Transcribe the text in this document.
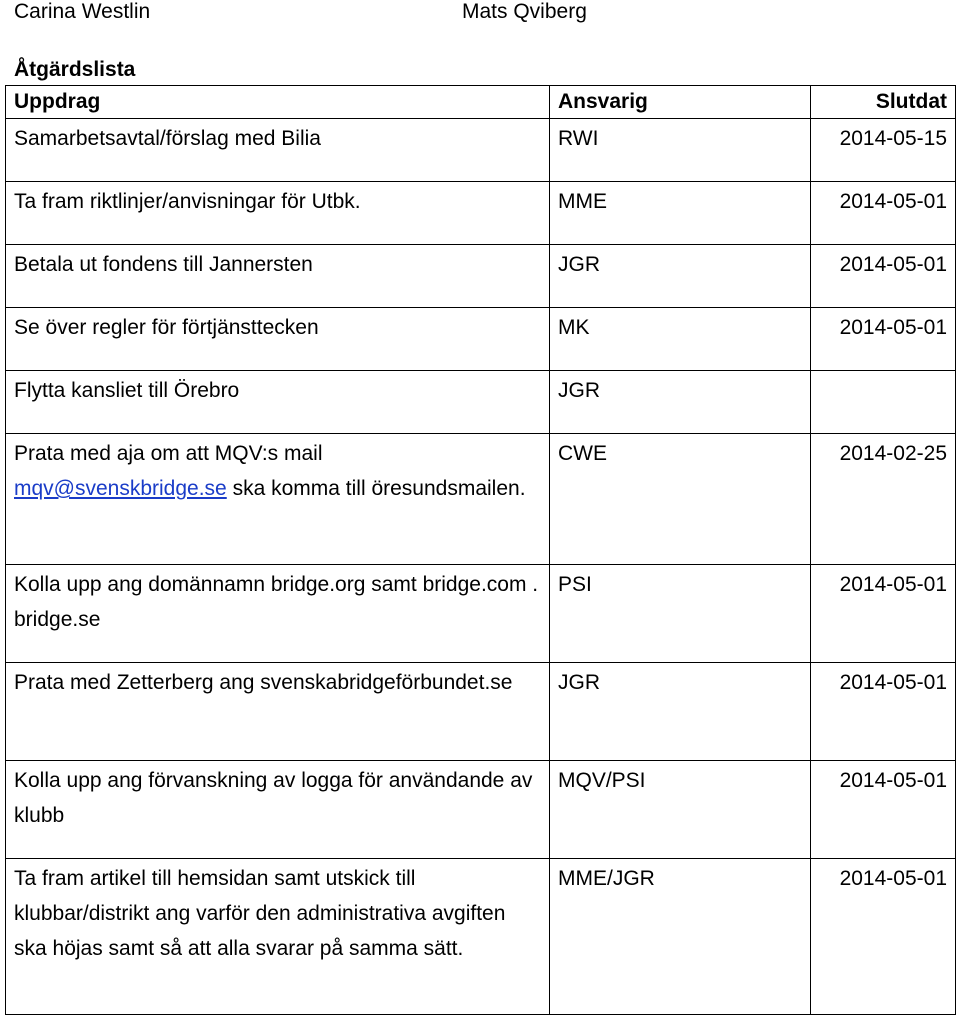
Carina Westlin	Mats Qviberg
Åtgärdslista
Uppdrag	Ansvarig	Slutdat
Samarbetsavtal/förslag med Bilia	RWI	2014-05-15
Ta fram riktlinjer/anvisningar för Utbk.	MME	2014-05-01
Betala ut fondens till Jannersten	JGR	2014-05-01
Se över regler för förtjänsttecken	MK	2014-05-01
Flytta kansliet till Örebro	JGR	
Prata med aja om att MQV:s mail mqv@svenskbridge.se ska komma till öresundsmailen.	CWE	2014-02-25
Kolla upp ang domännamn bridge.org samt bridge.com . bridge.se	PSI	2014-05-01
Prata med Zetterberg ang svenskabridgeförbundet.se	JGR	2014-05-01
Kolla upp ang förvanskning av logga för användande av klubb	MQV/PSI	2014-05-01
Ta fram artikel till hemsidan samt utskick till klubbar/distrikt ang varför den administrativa avgiften ska höjas samt så att alla svarar på samma sätt.	MME/JGR	2014-05-01
